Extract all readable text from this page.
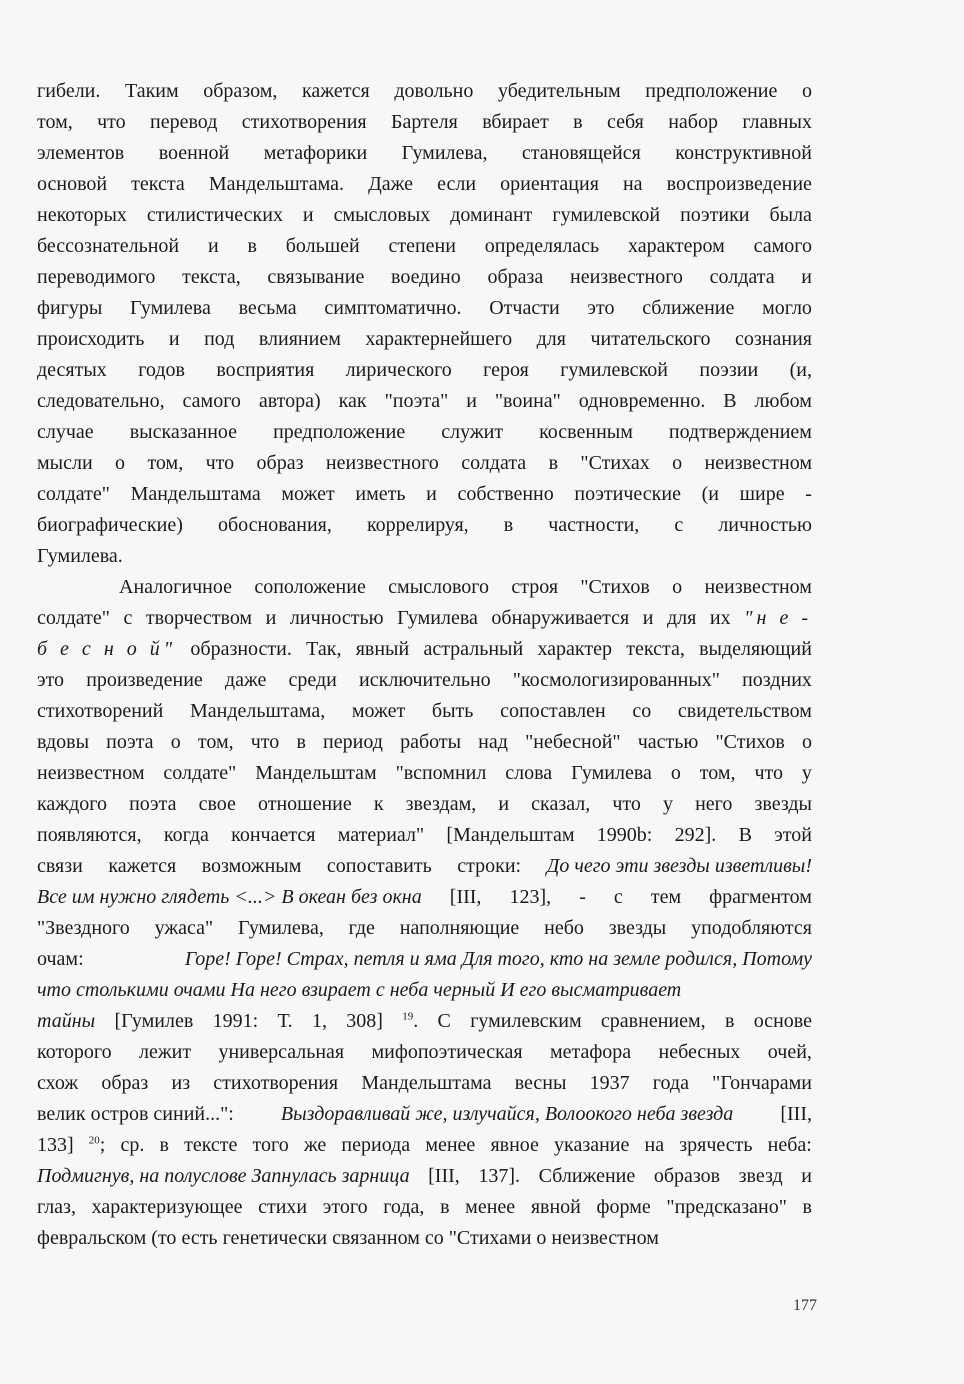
гибели. Таким образом, кажется довольно убедительным предположение о
том, что перевод стихотворения Бартеля вбирает в себя набор главных
элементов военной метафорики Гумилева, становящейся конструктивной
основой текста Мандельштама. Даже если ориентация на воспроизведение
некоторых стилистических и смысловых доминант гумилевской поэтики была
бессознательной и в большей степени определялась характером самого
переводимого текста, связывание воедино образа неизвестного солдата и
фигуры Гумилева весьма симптоматично. Отчасти это сближение могло
происходить и под влиянием характернейшего для читательского сознания
десятых годов восприятия лирического героя гумилевской поэзии (и,
следовательно, самого автора) как "поэта" и "воина" одновременно. В любом
случае высказанное предположение служит косвенным подтверждением
мысли о том, что образ неизвестного солдата в "Стихах о неизвестном
солдате" Мандельштама может иметь и собственно поэтические (и шире -
биографические) обоснования, коррелируя, в частности, с личностью
Гумилева.
Аналогичное соположение смыслового строя "Стихов о неизвестном
солдате" с творчеством и личностью Гумилева обнаруживается и для их "н е -
б е с н о й" образности. Так, явный астральный характер текста, выделяющий
это произведение даже среди исключительно "космологизированных" поздних
стихотворений Мандельштама, может быть сопоставлен со свидетельством
вдовы поэта о том, что в период работы над "небесной" частью "Стихов о
неизвестном солдате" Мандельштам "вспомнил слова Гумилева о том, что у
каждого поэта свое отношение к звездам, и сказал, что у него звезды
появляются, когда кончается материал" [Мандельштам 1990b: 292]. В этой
связи кажется возможным сопоставить строки: До чего эти звезды изветливы!
Все им нужно глядеть <...> В океан без окна [III, 123], - с тем фрагментом
"Звездного ужаса" Гумилева, где наполняющие небо звезды уподобляются
очам:	Горе! Горе! Страх, петля и яма Для того, кто на земле родился, Потому
что столькими очами На него взирает с неба черный И его высматривает
тайны [Гумилев 1991: Т. 1, 308] $^{19}$. С гумилевским сравнением, в основе
которого лежит универсальная мифопоэтическая метафора небесных очей,
схож образ из стихотворения Мандельштама весны 1937 года "Гончарами
велик остров синий...": Выздоравливай же, излучайся, Волоокого неба звезда [III,
133] $^{20}$; ср. в тексте того же периода менее явное указание на зрячесть неба:
Подмигнув, на полуслове Запнулась зарница [III, 137]. Сближение образов звезд и
глаз, характеризующее стихи этого года, в менее явной форме "предсказано" в
февральском (то есть генетически связанном со "Стихами о неизвестном
177
